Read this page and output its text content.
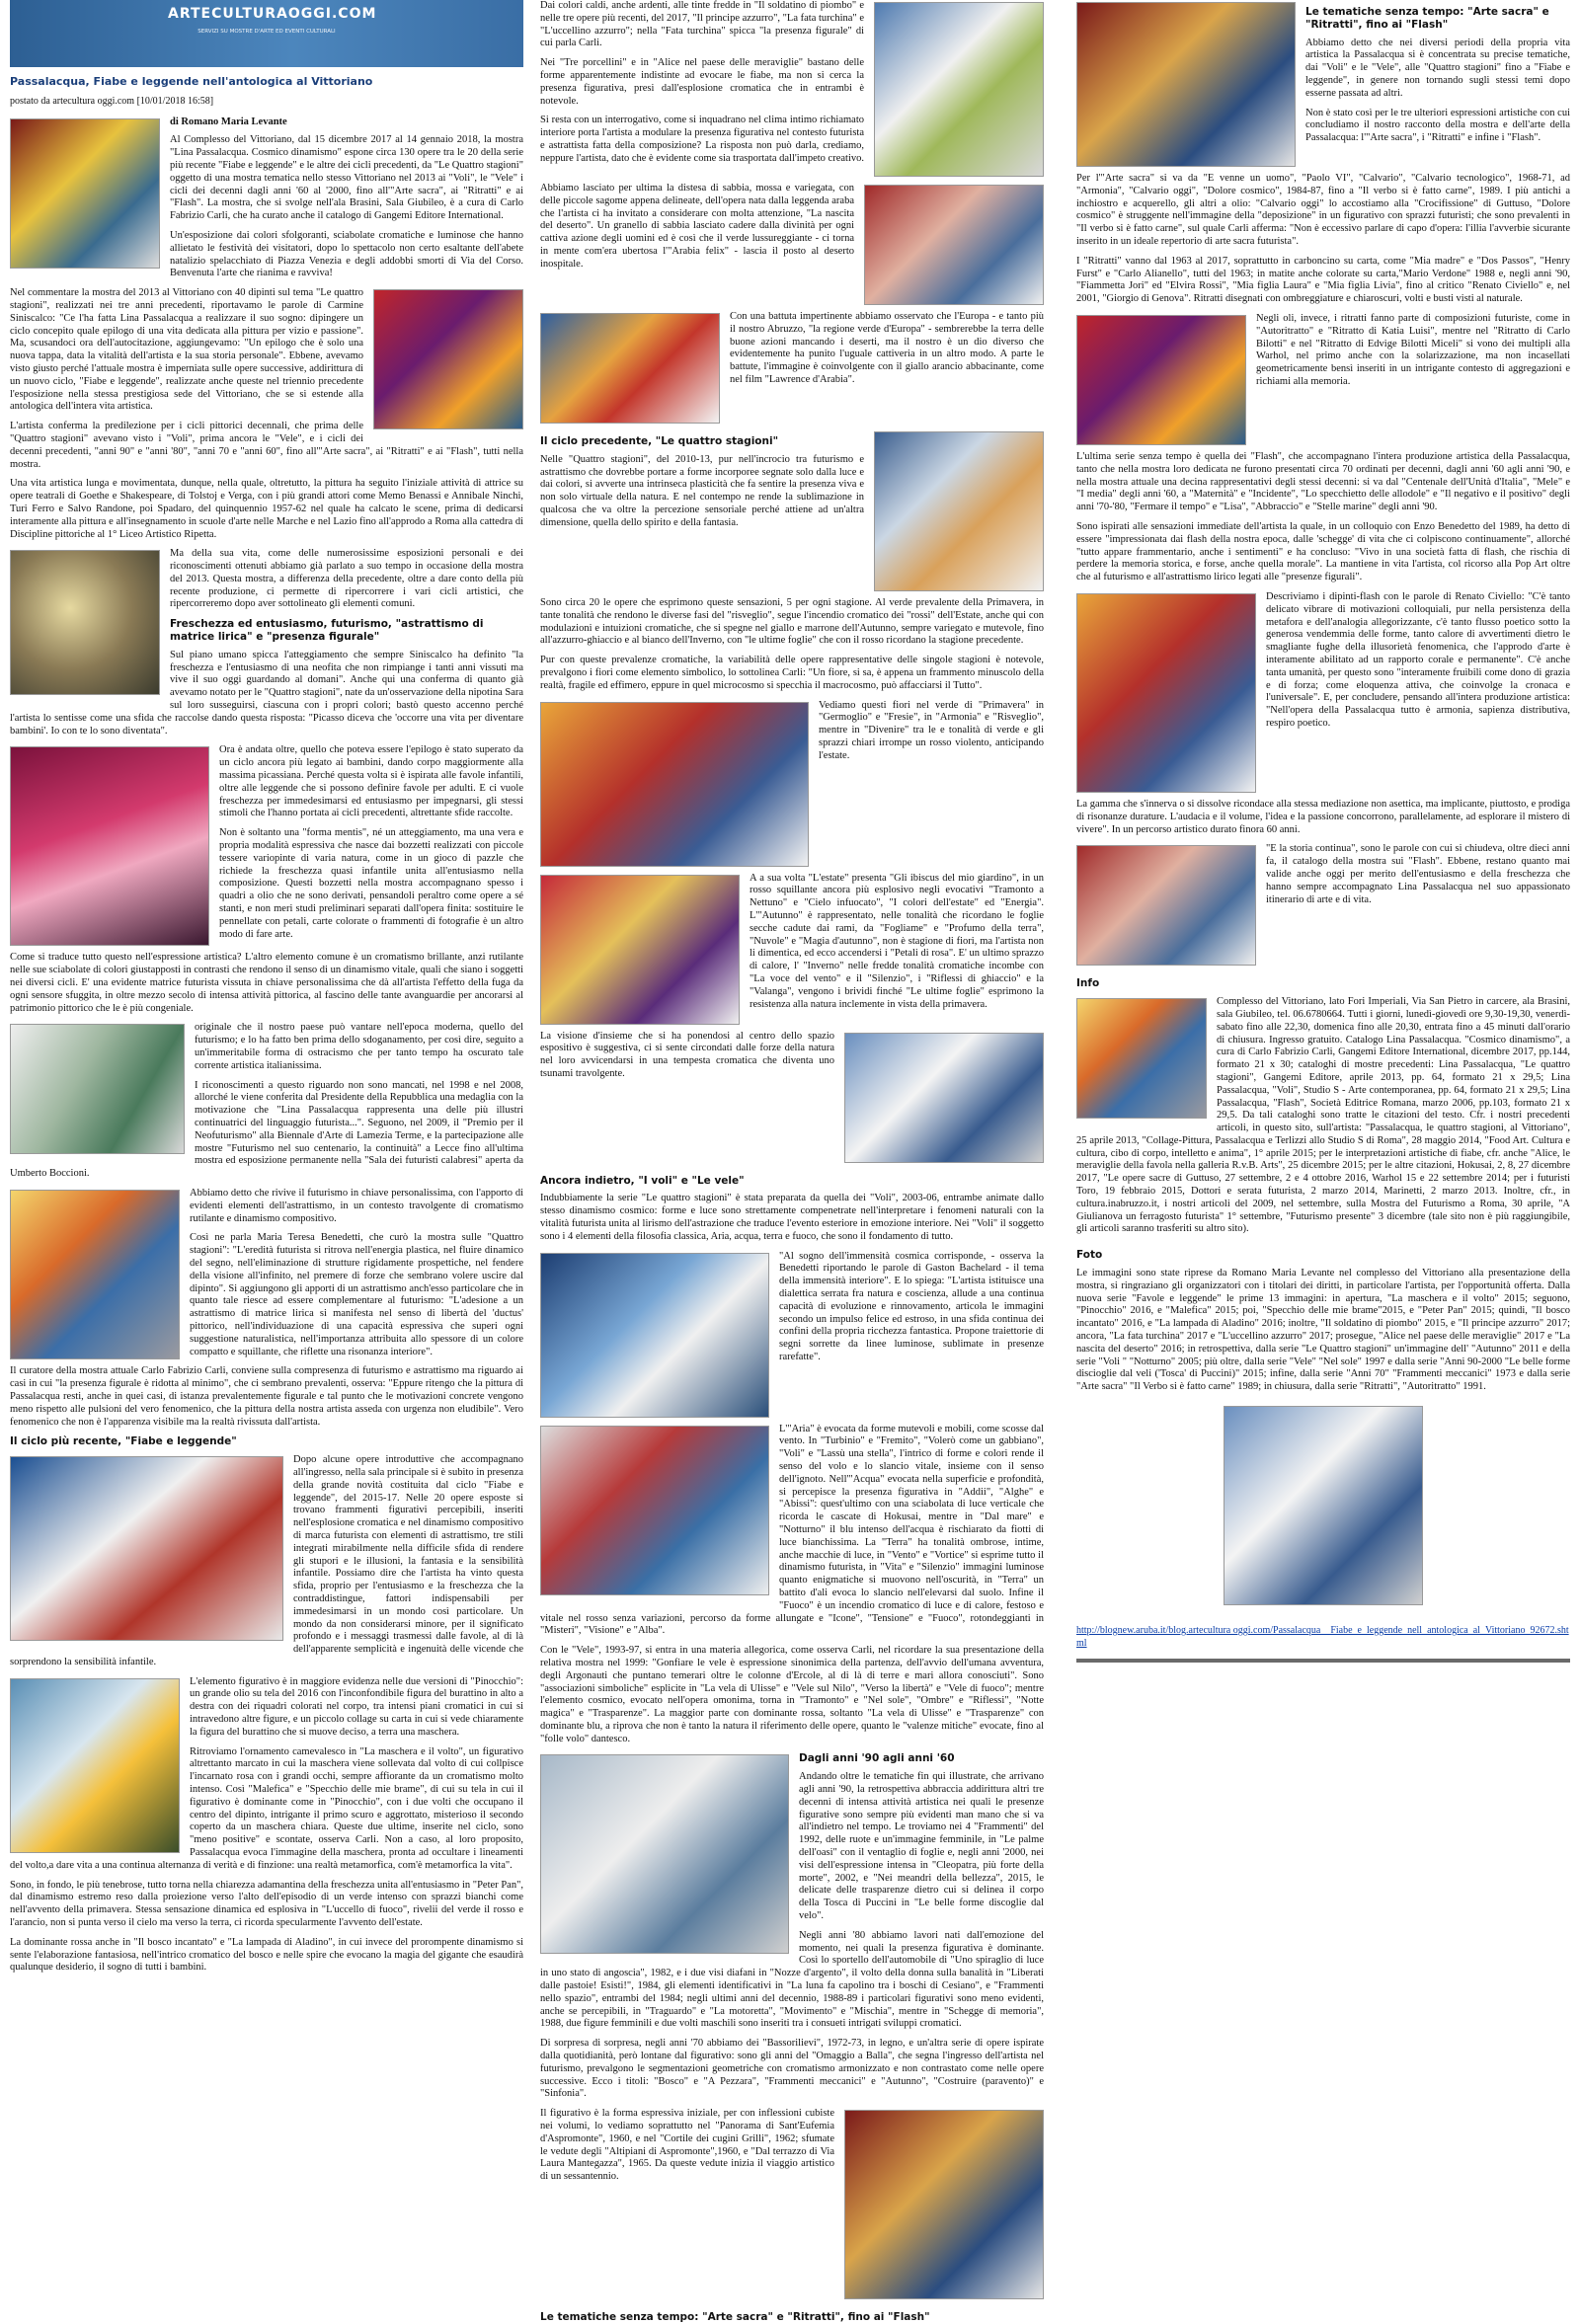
ARTECULTURAOGGI.COM
SERVIZI SU MOSTRE D'ARTE ED EVENTI CULTURALI
Passalacqua, Fiabe e leggende nell'antologica al Vittoriano
postato da artecultura oggi.com [10/01/2018 16:58]
di Romano Maria Levante

Al Complesso del Vittoriano, dal 15 dicembre 2017 al 14 gennaio 2018, la mostra "Lina Passalacqua. Cosmico dinamismo" espone circa 130 opere tra le 20 della serie più recente "Fiabe e leggende" e le altre dei cicli precedenti, da "Le Quattro stagioni" oggetto di una mostra tematica nello stesso Vittoriano nel 2013 ai "Voli", le "Vele" i cicli dei decenni dagli anni '60 al '2000, fino all'"Arte sacra", ai "Ritratti" e ai "Flash". La mostra, che si svolge nell'ala Brasini, Sala Giubileo, è a cura di Carlo Fabrizio Carli, che ha curato anche il catalogo di Gangemi Editore International.

Un'esposizione dai colori sfolgoranti, sciabolate cromatiche e luminose che hanno allietato le festività dei visitatori, dopo lo spettacolo non certo esaltante dell'abete natalizio spelacchiato di Piazza Venezia e degli addobbi smorti di Via del Corso. Benvenuta l'arte che rianima e ravviva!

Nel commentare la mostra del 2013 al Vittoriano con 40 dipinti sul tema "Le quattro stagioni", realizzati nei tre anni precedenti, riportavamo le parole di Carmine Siniscalco: "Ce l'ha fatta Lina Passalacqua a realizzare il suo sogno: dipingere un ciclo concepito quale epilogo di una vita dedicata alla pittura per vizio e passione". Ma, scusandoci ora dell'autocitazione, aggiungevamo: "Un epilogo che è solo una nuova tappa, data la vitalità dell'artista e la sua storia personale". Ebbene, avevamo visto giusto perché l'attuale mostra è imperniata sulle opere successive, addirittura di un nuovo ciclo, "Fiabe e leggende", realizzate anche queste nel triennio precedente l'esposizione nella stessa prestigiosa sede del Vittoriano, che se si estende alla antologica dell'intera vita artistica.

L'artista conferma la predilezione per i cicli pittorici decennali, che prima delle "Quattro stagioni" avevano visto i "Voli", prima ancora le "Vele", e i cicli dei decenni precedenti, "anni 90" e "anni '80", "anni 70 e "anni 60", fino all'"Arte sacra", ai "Ritratti" e ai "Flash", tutti nella mostra.

Una vita artistica lunga e movimentata, dunque, nella quale, oltretutto, la pittura ha seguito l'iniziale attività di attrice su opere teatrali di Goethe e Shakespeare, di Tolstoj e Verga, con i più grandi attori come Memo Benassi e Annibale Ninchi, Turi Ferro e Salvo Randone, poi Spadaro, del quinquennio 1957-62 nel quale ha calcato le scene, prima di dedicarsi interamente alla pittura e all'insegnamento in scuole d'arte nelle Marche e nel Lazio fino all'approdo a Roma alla cattedra di Discipline pittoriche al 1° Liceo Artistico Ripetta.

Ma della sua vita, come delle numerosissime esposizioni personali e dei riconoscimenti ottenuti abbiamo già parlato a suo tempo in occasione della mostra del 2013. Questa mostra, a differenza della precedente, oltre a dare conto della più recente produzione, ci permette di ripercorrere i vari cicli artistici, che ripercorreremo dopo aver sottolineato gli elementi comuni.

Freschezza ed entusiasmo, futurismo, "astrattismo di matrice lirica" e "presenza figurale"

Sul piano umano spicca l'atteggiamento che sempre Siniscalco ha definito "la freschezza e l'entusiasmo di una neofita che non rimpiange i tanti anni vissuti ma vive il suo oggi guardando al domani". Anche qui una conferma di quanto già avevamo notato per le "Quattro stagioni", nate da un'osservazione della nipotina Sara sul loro susseguirsi, ciascuna con i propri colori; bastò questo accenno perché l'artista lo sentisse come una sfida che raccolse dando questa risposta: "Picasso diceva che 'occorre una vita per diventare bambini'. Io con te lo sono diventata".

Ora è andata oltre, quello che poteva essere l'epilogo è stato superato da un ciclo ancora più legato ai bambini, dando corpo maggiormente alla massima picassiana. Perché questa volta si è ispirata alle favole infantili, oltre alle leggende che si possono definire favole per adulti. E ci vuole freschezza per immedesimarsi ed entusiasmo per impegnarsi, gli stessi stimoli che l'hanno portata ai cicli precedenti, altrettante sfide raccolte.

Non è soltanto una "forma mentis", né un atteggiamento, ma una vera e propria modalità espressiva che nasce dai bozzetti realizzati con piccole tessere variopinte di varia natura, come in un gioco di pazzle che richiede la freschezza quasi infantile unita all'entusiasmo nella composizione. Questi bozzetti nella mostra accompagnano spesso i quadri a olio che ne sono derivati, pensandoli peraltro come opere a sé stanti, e non meri studi preliminari separati dall'opera finita: sostituire le pennellate con petali, carte colorate o frammenti di fotografie è un altro modo di fare arte.

Come si traduce tutto questo nell'espressione artistica? L'altro elemento comune è un cromatismo brillante, anzi rutilante nelle sue sciabolate di colori giustapposti in contrasti che rendono il senso di un dinamismo vitale, quali che siano i soggetti nei diversi cicli. E' una evidente matrice futurista vissuta in chiave personalissima che dà all'artista l'effetto della fuga da ogni sensore sfuggita, in oltre mezzo secolo di intensa attività pittorica, al fascino delle tante avanguardie per ancorarsi al patrimonio pittorico che le è più congeniale.

originale che il nostro paese può vantare nell'epoca moderna, quello del futurismo; e lo ha fatto ben prima dello sdoganamento, per così dire, seguito a un'immeritabile forma di ostracismo che per tanto tempo ha oscurato tale corrente artistica italianissima.

I riconoscimenti a questo riguardo non sono mancati, nel 1998 e nel 2008, allorché le viene conferita dal Presidente della Repubblica una medaglia con la motivazione che "Lina Passalacqua rappresenta una delle più illustri continuatrici del linguaggio futurista...". Seguono, nel 2009, il "Premio per il Neofuturismo" alla Biennale d'Arte di Lamezia Terme, e la partecipazione alle mostre "Futurismo nel suo centenario, la continuità" a Lecce fino all'ultima mostra ed esposizione permanente nella "Sala dei futuristi calabresi" aperta da Umberto Boccioni.

Abbiamo detto che rivive il futurismo in chiave personalissima, con l'apporto di evidenti elementi dell'astrattismo, in un contesto travolgente di cromatismo rutilante e dinamismo compositivo.

Così ne parla Maria Teresa Benedetti, che curò la mostra sulle "Quattro stagioni": "L'eredità futurista si ritrova nell'energia plastica, nel fluire dinamico del segno, nell'eliminazione di strutture rigidamente prospettiche, nel fendere della visione all'infinito, nel premere di forze che sembrano volere uscire dal dipinto". Si aggiungono gli apporti di un astrattismo anch'esso particolare che in quanto tale riesce ad essere complementare al futurismo: "L'adesione a un astrattismo di matrice lirica si manifesta nel senso di libertà del 'ductus' pittorico, nell'individuazione di una capacità espressiva che superi ogni suggestione naturalistica, nell'importanza attribuita allo spessore di un colore compatto e squillante, che riflette una risonanza interiore".

Il curatore della mostra attuale Carlo Fabrizio Carli, conviene sulla compresenza di futurismo e astrattismo ma riguardo ai casi in cui "la presenza figurale è ridotta al minimo", che ci sembrano prevalenti, osserva: "Eppure ritengo che la pittura di Passalacqua resti, anche in quei casi, di istanza prevalentemente figurale e tal punto che le motivazioni concrete vengono meno rispetto alle pulsioni del vero fenomenico, che la pittura della nostra artista asseda con urgenza non eludibile". Vero fenomenico che non è l'apparenza visibile ma la realtà rivissuta dall'artista.

Il ciclo più recente, "Fiabe e leggende"

Dopo alcune opere introduttive che accompagnano all'ingresso, nella sala principale si è subito in presenza della grande novità costituita dal ciclo "Fiabe e leggende", del 2015-17. Nelle 20 opere esposte si trovano frammenti figurativi percepibili, inseriti nell'esplosione cromatica e nel dinamismo compositivo di marca futurista con elementi di astrattismo, tre stili integrati mirabilmente nella difficile sfida di rendere gli stupori e le illusioni, la fantasia e la sensibilità infantile. Possiamo dire che l'artista ha vinto questa sfida, proprio per l'entusiasmo e la freschezza che la contraddistingue, fattori indispensabili per immedesimarsi in un mondo così particolare. Un mondo da non considerarsi minore, per il significato profondo e i messaggi trasmessi dalle favole, al di là dell'apparente semplicità e ingenuità delle vicende che sorprendono la sensibilità infantile.

L'elemento figurativo è in maggiore evidenza nelle due versioni di "Pinocchio": un grande olio su tela del 2016 con l'inconfondibile figura del burattino in alto a destra con dei riquadri colorati nel corpo, tra intensi piani cromatici in cui si intravedono altre figure, e un piccolo collage su carta in cui si vede chiaramente la figura del burattino che si muove deciso, a terra una maschera.

Ritroviamo l'ornamento camevalesco in "La maschera e il volto", un figurativo altrettanto marcato in cui la maschera viene sollevata dal volto di cui collpisce l'incarnato rosa con i grandi occhi, sempre affiorante da un cromatismo molto intenso. Così "Malefica" e "Specchio delle mie brame", di cui su tela in cui il figurativo è dominante come in "Pinocchio", con i due volti che occupano il centro del dipinto, intrigante il primo scuro e aggrottato, misterioso il secondo coperto da un maschera chiara. Queste due ultime, inserite nel ciclo, sono "meno positive" e scontate, osserva Carli. Non a caso, al loro proposito, Passalacqua evoca l'immagine della maschera, pronta ad occultare i lineamenti del volto,a dare vita a una continua alternanza di verità e di finzione: una realtà metamorfica, com'è metamorfica la vita".

Sono, in fondo, le più tenebrose, tutto torna nella chiarezza adamantina della freschezza unita all'entusiasmo in "Peter Pan", dal dinamismo estremo reso dalla proiezione verso l'alto dell'episodio di un verde intenso con sprazzi bianchi come nell'avvento della primavera. Stessa sensazione dinamica ed esplosiva in "L'uccello di fuoco", rivelii del verde il rosso e l'arancio, non si punta verso il cielo ma verso la terra, ci ricorda specularmente l'avvento dell'estate.

La dominante rossa anche in "Il bosco incantato" e "La lampada di Aladino", in cui invece del prorompente dinamismo si sente l'elaborazione fantasiosa, nell'intrico cromatico del bosco e nelle spire che evocano la magia del gigante che esaudirà qualunque desiderio, il sogno di tutti i bambini.

Dai colori caldi, anche ardenti, alle tinte fredde in "Il soldatino di piombo" e nelle tre opere più recenti, del 2017, "Il principe azzurro", "La fata turchina" e "L'uccellino azzurro"; nella "Fata turchina" spicca "la presenza figurale" di cui parla Carli.

Nei "Tre porcellini" e in "Alice nel paese delle meraviglie" bastano delle forme apparentemente indistinte ad evocare le fiabe, ma non si cerca la presenza figurativa, presi dall'esplosione cromatica che in entrambi è notevole.

Si resta con un interrogativo, come si inquadrano nel clima intimo richiamato interiore porta l'artista a modulare la presenza figurativa nel contesto futurista e astrattista fatta della composizione? La risposta non può darla, crediamo, neppure l'artista, dato che è evidente come sia trasportata dall'impeto creativo.

Abbiamo lasciato per ultima la distesa di sabbia, mossa e variegata, con delle piccole sagome appena delineate, dell'opera nata dalla leggenda araba che l'artista ci ha invitato a considerare con molta attenzione, "La nascita del deserto". Un granello di sabbia lasciato cadere dalla divinità per ogni cattiva azione degli uomini ed è così che il verde lussureggiante - ci torna in mente com'era ubertosa l'"Arabia felix" - lascia il posto al deserto inospitale.

Con una battuta impertinente abbiamo osservato che l'Europa - e tanto più il nostro Abruzzo, "la regione verde d'Europa" - sembrerebbe la terra delle buone azioni mancando i deserti, ma il nostro è un dio diverso che evidentemente ha punito l'uguale cattiveria in un altro modo. A parte le battute, l'immagine è coinvolgente con il giallo arancio abbacinante, come nel film "Lawrence d'Arabia".

Il ciclo precedente, "Le quattro stagioni"

Nelle "Quattro stagioni", del 2010-13, pur nell'incrocio tra futurismo e astrattismo che dovrebbe portare a forme incorporee segnate solo dalla luce e dai colori, si avverte una intrinseca plasticità che fa sentire la presenza viva e non solo virtuale della natura. E nel contempo ne rende la sublimazione in qualcosa che va oltre la percezione sensoriale perché attiene ad un'altra dimensione, quella dello spirito e della fantasia.

Sono circa 20 le opere che esprimono queste sensazioni, 5 per ogni stagione. Al verde prevalente della Primavera, in tante tonalità che rendono le diverse fasi del "risveglio", segue l'incendio cromatico dei "rossi" dell'Estate, anche qui con modulazioni e intuizioni cromatiche, che si spegne nel giallo e marrone dell'Autunno, sempre variegato e mutevole, fino all'azzurro-ghiaccio e al bianco dell'Inverno, con "le ultime foglie" che con il rosso ricordano la stagione precedente.

Pur con queste prevalenze cromatiche, la variabilità delle opere rappresentative delle singole stagioni è notevole, prevalgono i fiori come elemento simbolico, lo sottolinea Carli: "Un fiore, si sa, è appena un frammento minuscolo della realtà, fragile ed effimero, eppure in quel microcosmo si specchia il macrocosmo, può affacciarsi il Tutto".

Vediamo questi fiori nel verde di "Primavera" in "Germoglio" e "Fresie", in "Armonia" e "Risveglio", mentre in "Divenire" tra le e tonalità di verde e gli sprazzi chiari irrompe un rosso violento, anticipando l'estate.

A a sua volta "L'estate" presenta "Gli ibiscus del mio giardino", in un rosso squillante ancora più esplosivo negli evocativi "Tramonto a Nettuno" e "Cielo infuocato", "I colori dell'estate" ed "Energia". L'"Autunno" è rappresentato, nelle tonalità che ricordano le foglie secche cadute dai rami, da "Fogliame" e "Profumo della terra", "Nuvole" e "Magia d'autunno", non è stagione di fiori, ma l'artista non li dimentica, ed ecco accendersi i "Petali di rosa". E' un ultimo sprazzo di calore, l' "Inverno" nelle fredde tonalità cromatiche incombe con "La voce del vento" e il "Silenzio", i "Riflessi di ghiaccio" e la "Valanga", vengono i brividi finché "Le ultime foglie" esprimono la resistenza alla natura inclemente in vista della primavera.

La visione d'insieme che si ha ponendosi al centro dello spazio espositivo è suggestiva, ci si sente circondati dalle forze della natura nel loro avvicendarsi in una tempesta cromatica che diventa uno tsunami travolgente.

Ancora indietro, "I voli" e "Le vele"

Indubbiamente la serie "Le quattro stagioni" è stata preparata da quella dei "Voli", 2003-06, entrambe animate dallo stesso dinamismo cosmico: forme e luce sono strettamente compenetrate nell'interpretare i fenomeni naturali con la vitalità futurista unita al lirismo dell'astrazione che traduce l'evento esteriore in emozione interiore. Nei "Voli" il soggetto sono i 4 elementi della filosofia classica, Aria, acqua, terra e fuoco, che sono il fondamento di tutto.

"Al sogno dell'immensità cosmica corrisponde, - osserva la Benedetti riportando le parole di Gaston Bachelard - il tema della immensità interiore". E lo spiega: "L'artista istituisce una dialettica serrata fra natura e coscienza, allude a una continua capacità di evoluzione e rinnovamento, articola le immagini secondo un impulso felice ed estroso, in una sfida continua dei confini della propria ricchezza fantastica. Propone traiettorie di segni sorrette da linee luminose, sublimate in presenze rarefatte".

L'"Aria" è evocata da forme mutevoli e mobili, come scosse dal vento. In "Turbinio" e "Fremito", "Volerò come un gabbiano", "Voli" e "Lassù una stella", l'intrico di forme e colori rende il senso del volo e lo slancio vitale, insieme con il senso dell'ignoto. Nell'"Acqua" evocata nella superficie e profondità, si percepisce la presenza figurativa in "Addii", "Alghe" e "Abissi": quest'ultimo con una sciabolata di luce verticale che ricorda le cascate di Hokusai, mentre in "Dal mare" e "Notturno" il blu intenso dell'acqua è rischiarato da fiotti di luce bianchissima. La "Terra" ha tonalità ombrose, intime, anche macchie di luce, in "Vento" e "Vortice" si esprime tutto il dinamismo futurista, in "Vita" e "Silenzio" immagini luminose quanto enigmatiche si muovono nell'oscurità, in "Terra" un battito d'ali evoca lo slancio nell'elevarsi dal suolo. Infine il "Fuoco" è un incendio cromatico di luce e di calore, festoso e vitale nel rosso senza variazioni, percorso da forme allungate e "Icone", "Tensione" e "Fuoco", rotondeggianti in "Misteri", "Visione" e "Alba".

Con le "Vele", 1993-97, si entra in una materia allegorica, come osserva Carli, nel ricordare la sua presentazione della relativa mostra nel 1999: "Gonfiare le vele è espressione sinonimica della partenza, dell'avvio dell'umana avventura, degli Argonauti che puntano temerari oltre le colonne d'Ercole, al di là di terre e mari allora conosciuti". Sono "associazioni simboliche" esplicite in "La vela di Ulisse" e "Vele sul Nilo", "Verso la libertà" e "Vele di fuoco"; mentre l'elemento cosmico, evocato nell'opera omonima, torna in "Tramonto" e "Nel sole", "Ombre" e "Riflessi", "Notte magica" e "Trasparenze". La maggior parte con dominante rossa, soltanto "La vela di Ulisse" e "Trasparenze" con dominante blu, a riprova che non è tanto la natura il riferimento delle opere, quanto le "valenze mitiche" evocate, fino al "folle volo" dantesco.

Dagli anni '90 agli anni '60

Andando oltre le tematiche fin qui illustrate, che arrivano agli anni '90, la retrospettiva abbraccia addirittura altri tre decenni di intensa attività artistica nei quali le presenze figurative sono sempre più evidenti man mano che si va all'indietro nel tempo. Le troviamo nei 4 "Frammenti" del 1992, delle ruote e un'immagine femminile, in "Le palme dell'oasi" con il ventaglio di foglie e, negli anni '2000, nei visi dell'espressione intensa in "Cleopatra, più forte della morte", 2002, e "Nei meandri della bellezza", 2015, le delicate delle trasparenze dietro cui si delinea il corpo della Tosca di Puccini in "Le belle forme discoglie dal velo".

Negli anni '80 abbiamo lavori nati dall'emozione del momento, nei quali la presenza figurativa è dominante. Così lo sportello dell'automobile di "Uno spiraglio di luce in uno stato di angoscia", 1982, e i due visi diafani in "Nozze d'argento", il volto della donna sulla banalità in "Liberati dalle pastoie! Esisti!", 1984, gli elementi identificativi in "La luna fa capolino tra i boschi di Cesiano", e "Frammenti nello spazio", entrambi del 1984; negli ultimi anni del decennio, 1988-89 i particolari figurativi sono meno evidenti, anche se percepibili, in "Traguardo" e "La motoretta", "Movimento" e "Mischia", mentre in "Schegge di memoria", 1988, due figure femminili e due volti maschili sono inseriti tra i consueti intrigati sviluppi cromatici.

Di sorpresa di sorpresa, negli anni '70 abbiamo dei "Bassorilievi", 1972-73, in legno, e un'altra serie di opere ispirate dalla quotidianità, però lontane dal figurativo: sono gli anni del "Omaggio a Balla", che segna l'ingresso dell'artista nel futurismo, prevalgono le segmentazioni geometriche con cromatismo armonizzato e non contrastato come nelle opere successive. Ecco i titoli: "Bosco" e "A Pezzara", "Frammenti meccanici" e "Autunno", "Costruire (paravento)" e "Sinfonia".

Il figurativo è la forma espressiva iniziale, per con inflessioni cubiste nei volumi, lo vediamo soprattutto nel "Panorama di Sant'Eufemia d'Aspromonte", 1960, e nel "Cortile dei cugini Grilli", 1962; sfumate le vedute degli "Altipiani di Aspromonte",1960, e "Dal terrazzo di Via Laura Mantegazza", 1965. Da queste vedute inizia il viaggio artistico di un sessantennio.

Le tematiche senza tempo: "Arte sacra" e "Ritratti", fino ai "Flash"
Le tematiche senza tempo: "Arte sacra" e "Ritratti", fino ai "Flash"

Abbiamo detto che nei diversi periodi della propria vita artistica la Passalacqua si è concentrata su precise tematiche, dai "Voli" e le "Vele", alle "Quattro stagioni" fino a "Fiabe e leggende", in genere non tornando sugli stessi temi dopo esserne passata ad altri.

Non è stato così per le tre ulteriori espressioni artistiche con cui concludiamo il nostro racconto della mostra e dell'arte della Passalacqua: l'"Arte sacra", i "Ritratti" e infine i "Flash".

Per l'"Arte sacra" si va da "E venne un uomo", "Paolo VI", "Calvario", "Calvario tecnologico", 1968-71, ad "Armonia", "Calvario oggi", "Dolore cosmico", 1984-87, fino a "Il verbo si è fatto carne", 1989. I più antichi a inchiostro e acquerello, gli altri a olio: "Calvario oggi" lo accostiamo alla "Crocifissione" di Guttuso, "Dolore cosmico" è struggente nell'immagine della "deposizione" in un figurativo con sprazzi futuristi; che sono prevalenti in "Il verbo si è fatto carne", sul quale Carli afferma: "Non è eccessivo parlare di capo d'opera: l'illia l'avverbie sicurante inserito in un ideale repertorio di arte sacra futurista".

I "Ritratti" vanno dal 1963 al 2017, soprattutto in carboncino su carta, come "Mia madre" e "Dos Passos", "Henry Furst" e "Carlo Alianello", tutti del 1963; in matite anche colorate su carta,"Mario Verdone" 1988 e, negli anni '90, "Fiammetta Jori" ed "Elvira Rossi", "Mia figlia Laura" e "Mia figlia Livia", fino al critico "Renato Civiello" e, nel 2001, "Giorgio di Genova". Ritratti disegnati con ombreggiature e chiaroscuri, volti e busti visti al naturale.

Negli oli, invece, i ritratti fanno parte di composizioni futuriste, come in "Autoritratto" e "Ritratto di Katia Luisi", mentre nel "Ritratto di Carlo Bilotti" e nel "Ritratto di Edvige Bilotti Miceli" si vono dei multipli alla Warhol, nel primo anche con la solarizzazione, ma non incasellati geometricamente bensì inseriti in un intrigante contesto di aggregazioni e richiami alla memoria.

L'ultima serie senza tempo è quella dei "Flash", che accompagnano l'intera produzione artistica della Passalacqua, tanto che nella mostra loro dedicata ne furono presentati circa 70 ordinati per decenni, dagli anni '60 agli anni '90, e nella mostra attuale una decina rappresentativi degli stessi decenni: si va dal "Centenale dell'Unità d'Italia", "Mele" e "I media" degli anni '60, a "Maternità" e "Incidente", "Lo specchietto delle allodole" e "Il negativo e il positivo" degli anni '70-'80, "Fermare il tempo" e "Lisa", "Abbraccio" e "Stelle marine" degli anni '90.

Sono ispirati alle sensazioni immediate dell'artista la quale, in un colloquio con Enzo Benedetto del 1989, ha detto di essere "impressionata dai flash della nostra epoca, dalle 'schegge' di vita che ci colpiscono continuamente", allorché "tutto appare frammentario, anche i sentimenti" e ha concluso: "Vivo in una società fatta di flash, che rischia di perdere la memoria storica, e forse, anche quella morale". La mantiene in vita l'artista, col ricorso alla Pop Art oltre che al futurismo e all'astrattismo lirico legati alle "presenze figurali".

Descriviamo i dipinti-flash con le parole di Renato Civiello: "C'è tanto delicato vibrare di motivazioni colloquiali, pur nella persistenza della metafora e dell'analogia allegorizzante, c'è tanto flusso poetico sotto la generosa vendemmia delle forme, tanto calore di avvertimenti dietro le smagliante fughe della illusorietà fenomenica, che l'approdo d'arte è interamente abilitato ad un rapporto corale e permanente". C'è anche tanta umanità, per questo sono "interamente fruibili come dono di grazia e di forza; come eloquenza attiva, che coinvolge la cronaca e l'universale". E, per concludere, pensando all'intera produzione artistica: "Nell'opera della Passalacqua tutto è armonia, sapienza distributiva, respiro poetico.

La gamma che s'innerva o si dissolve ricondace alla stessa mediazione non asettica, ma implicante, piuttosto, e prodiga di risonanze durature. L'audacia e il volume, l'idea e la passione concorrono, parallelamente, ad esplorare il mistero di vivere". In un percorso artistico durato finora 60 anni.

"E la storia continua", sono le parole con cui si chiudeva, oltre dieci anni fa, il catalogo della mostra sui "Flash". Ebbene, restano quanto mai valide anche oggi per merito dell'entusiasmo e della freschezza che hanno sempre accompagnato Lina Passalacqua nel suo appassionato itinerario di arte e di vita.

Info

Complesso del Vittoriano, lato Fori Imperiali, Via San Pietro in carcere, ala Brasini, sala Giubileo, tel. 06.6780664. Tutti i giorni, lunedì-giovedì ore 9,30-19,30, venerdì-sabato fino alle 22,30, domenica fino alle 20,30, entrata fino a 45 minuti dall'orario di chiusura. Ingresso gratuito. Catalogo Lina Passalacqua. "Cosmico dinamismo", a cura di Carlo Fabrizio Carli, Gangemi Editore International, dicembre 2017, pp.144, formato 21 x 30; cataloghi di mostre precedenti: Lina Passalacqua, "Le quattro stagioni", Gangemi Editore, aprile 2013, pp. 64, formato 21 x 29,5; Lina Passalacqua, "Voli", Studio S - Arte contemporanea, pp. 64, formato 21 x 29,5; Lina Passalacqua, "Flash", Società Editrice Romana, marzo 2006, pp.103, formato 21 x 29,5. Da tali cataloghi sono tratte le citazioni del testo. Cfr. i nostri precedenti articoli, in questo sito, sull'artista: "Passalacqua, le quattro stagioni, al Vittoriano", 25 aprile 2013, "Collage-Pittura, Passalacqua e Terlizzi allo Studio S di Roma", 28 maggio 2014, "Food Art. Cultura e cultura, cibo di corpo, intelletto e anima", 1° aprile 2015; per le interpretazioni artistiche di fiabe, cfr. anche "Alice, le meraviglie della favola nella galleria R.v.B. Arts", 25 dicembre 2015; per le altre citazioni, Hokusai, 2, 8, 27 dicembre 2017, "Le opere sacre di Guttuso, 27 settembre, 2 e 4 ottobre 2016, Warhol 15 e 22 settembre 2014; per i futuristi Toro, 19 febbraio 2015, Dottori e serata futurista, 2 marzo 2014, Marinetti, 2 marzo 2013. Inoltre, cfr., in cultura.inabruzzo.it, i nostri articoli del 2009, nel settembre, sulla Mostra del Futurismo a Roma, 30 aprile, "A Giulianova un ferragosto futurista" 1° settembre, "Futurismo presente" 3 dicembre (tale sito non è più raggiungibile, gli articoli saranno trasferiti su altro sito).

Foto

Le immagini sono state riprese da Romano Maria Levante nel complesso del Vittoriano alla presentazione della mostra, si ringraziano gli organizzatori con i titolari dei diritti, in particolare l'artista, per l'opportunità offerta. Dalla nuova serie "Favole e leggende" le prime 13 immagini: in apertura, "La maschera e il volto" 2015; seguono, "Pinocchio" 2016, e "Malefica" 2015; poi, "Specchio delle mie brame"2015, e "Peter Pan" 2015; quindi, "Il bosco incantato" 2016, e "La lampada di Aladino" 2016; inoltre, "Il soldatino di piombo" 2015, e "Il principe azzurro" 2017; ancora, "La fata turchina" 2017 e "L'uccellino azzurro" 2017; prosegue, "Alice nel paese delle meraviglie" 2017 e "La nascita del deserto" 2016; in retrospettiva, dalla serie "Le Quattro stagioni" un'immagine dell' "Autunno" 2011 e della serie "Voli " "Notturno" 2005; più oltre, dalla serie "Vele" "Nel sole" 1997 e dalla serie "Anni 90-2000 "Le belle forme discioglie dal veli ('Tosca' di Puccini)" 2015; infine, dalla serie "Anni 70" "Frammenti meccanici" 1973 e dalla serie "Arte sacra" "Il Verbo si è fatto carne" 1989; in chiusura, dalla serie "Ritratti", "Autoritratto" 1991.

http://blognew.aruba.it/blog.artecultura oggi.com/Passalacqua__Fiabe_e_leggende_nell_antologica_al_Vittoriano_92672.shtml
